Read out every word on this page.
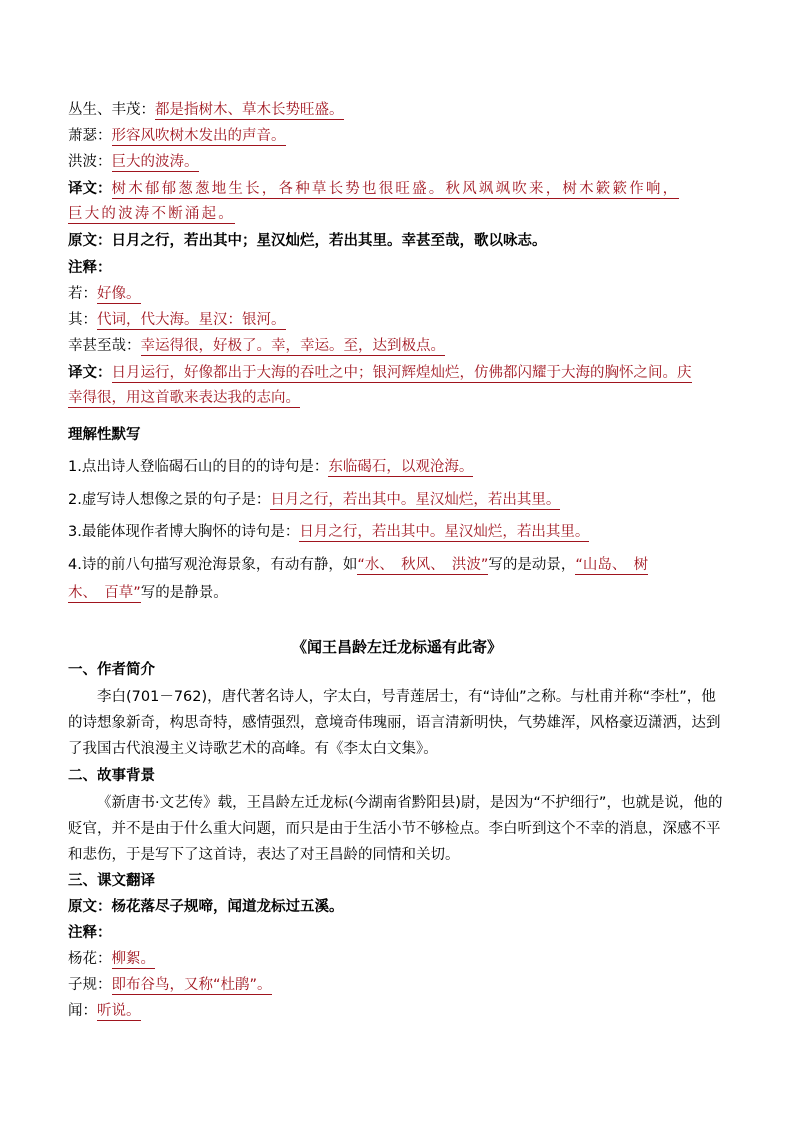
丛生、丰茂：都是指树木、草木长势旺盛。
萧瑟：形容风吹树木发出的声音。
洪波：巨大的波涛。
译文：树木郁郁葱葱地生长，各种草长势也很旺盛。秋风飒飒吹来，树木簌簌作响，
巨大的波涛不断涌起。
原文：日月之行，若出其中；星汉灿烂，若出其里。幸甚至哉，歌以咏志。
注释：
若：好像。
其：代词，代大海。星汉：银河。
幸甚至哉：幸运得很，好极了。幸，幸运。至，达到极点。
译文：日月运行，好像都出于大海的吞吐之中；银河辉煌灿烂，仿佛都闪耀于大海的胸怀之间。庆
幸得很，用这首歌来表达我的志向。
理解性默写
1.点出诗人登临碣石山的目的的诗句是：东临碣石，以观沧海。
2.虚写诗人想像之景的句子是：日月之行，若出其中。星汉灿烂，若出其里。
3.最能体现作者博大胸怀的诗句是：日月之行，若出其中。星汉灿烂，若出其里。
4.诗的前八句描写观沧海景象，有动有静，如“水、　秋风、　洪波”写的是动景，“山岛、　树
木、　百草”写的是静景。
《闻王昌龄左迁龙标遥有此寄》
一、作者简介
李白(701－762)，唐代著名诗人，字太白，号青莲居士，有“诗仙”之称。与杜甫并称“李杜”，他的诗想象新奇，构思奇特，感情强烈，意境奇伟瑰丽，语言清新明快，气势雄浑，风格豪迈潇洒，达到了我国古代浪漫主义诗歌艺术的高峰。有《李太白文集》。
二、故事背景
《新唐书·文艺传》载，王昌龄左迁龙标(今湖南省黔阳县)尉，是因为“不护细行”，也就是说，他的贬官，并不是由于什么重大问题，而只是由于生活小节不够检点。李白听到这个不幸的消息，深感不平和悲伤，于是写下了这首诗，表达了对王昌龄的同情和关切。
三、课文翻译
原文：杨花落尽子规啼，闻道龙标过五溪。
注释：
杨花：柳絮。
子规：即布谷鸟，又称“杜鹃”。
闻：听说。
